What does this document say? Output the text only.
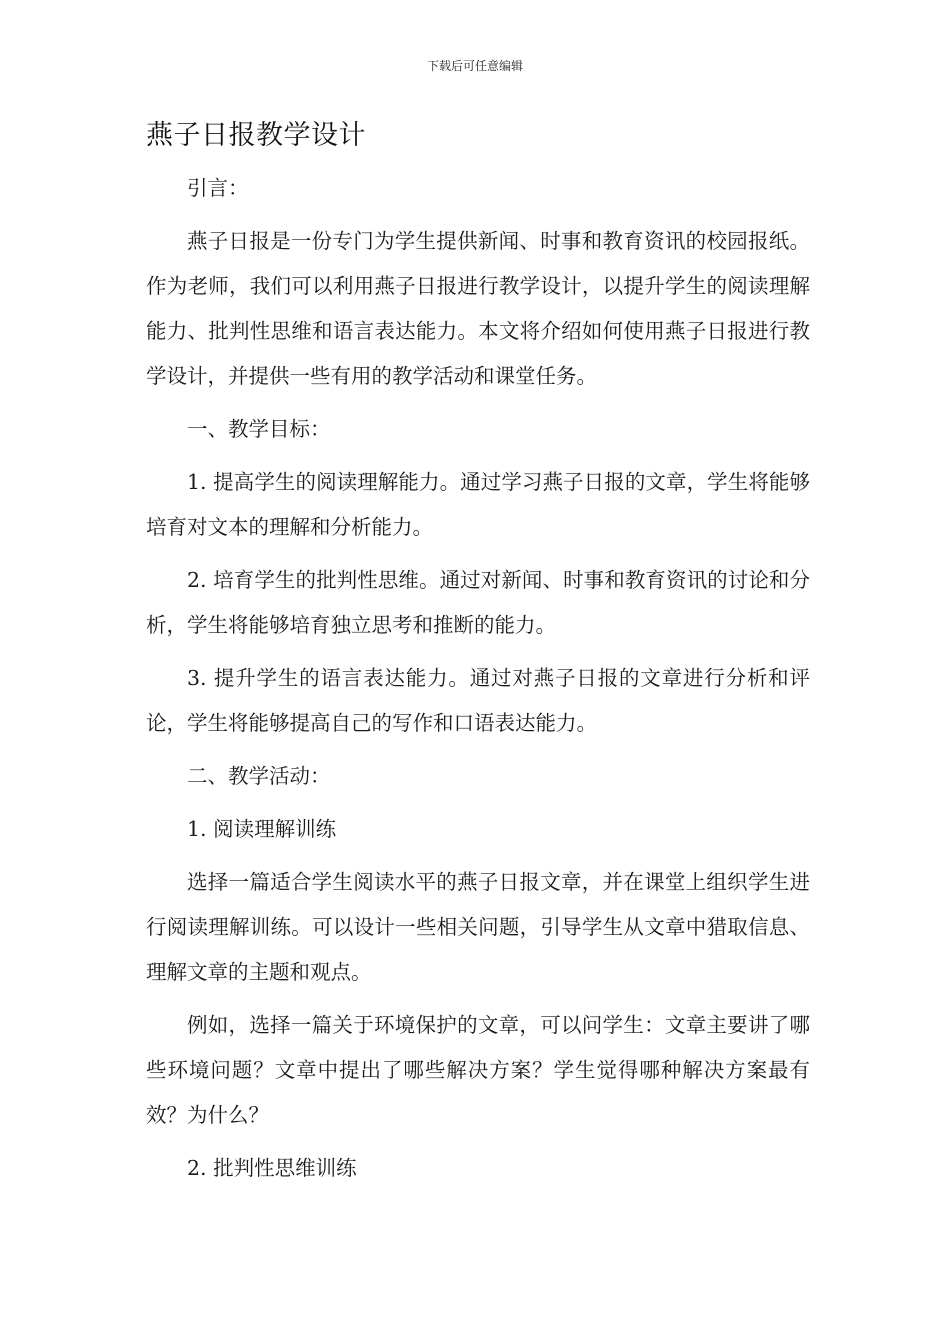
下载后可任意编辑
燕子日报教学设计

引言：

燕子日报是一份专门为学生提供新闻、时事和教育资讯的校园报纸。作为老师，我们可以利用燕子日报进行教学设计，以提升学生的阅读理解能力、批判性思维和语言表达能力。本文将介绍如何使用燕子日报进行教学设计，并提供一些有用的教学活动和课堂任务。

一、教学目标：

1. 提高学生的阅读理解能力。通过学习燕子日报的文章，学生将能够培育对文本的理解和分析能力。

2. 培育学生的批判性思维。通过对新闻、时事和教育资讯的讨论和分析，学生将能够培育独立思考和推断的能力。

3. 提升学生的语言表达能力。通过对燕子日报的文章进行分析和评论，学生将能够提高自己的写作和口语表达能力。

二、教学活动：

1. 阅读理解训练

选择一篇适合学生阅读水平的燕子日报文章，并在课堂上组织学生进行阅读理解训练。可以设计一些相关问题，引导学生从文章中猎取信息、理解文章的主题和观点。

例如，选择一篇关于环境保护的文章，可以问学生：文章主要讲了哪些环境问题？文章中提出了哪些解决方案？学生觉得哪种解决方案最有效？为什么？

2. 批判性思维训练
